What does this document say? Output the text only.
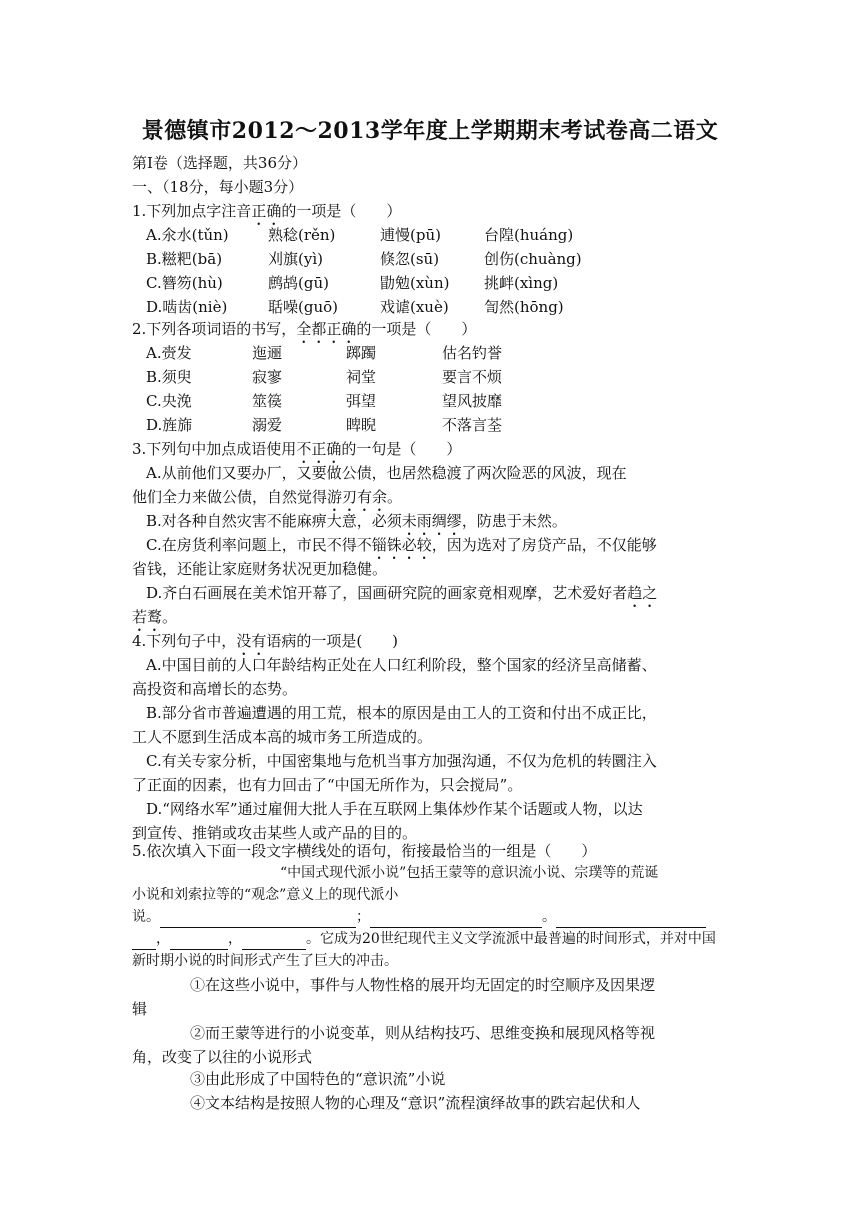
景德镇市2012～2013学年度上学期期末考试卷高二语文
第Ⅰ卷（选择题，共36分）
一、（18分，每小题3分）
1.下列加点字注音正确的一项是（　　）
A.氽水(tǔn)	熟稔(rěn)	逋慢(pū)	台隍(huáng)
B.糍粑(bā)	刈旗(yì)	倏忽(sū)	创伤(chuàng)
C.簪笏(hù)	鹧鸪(gū)	勖勉(xùn) 挑衅(xìng)
D.啮齿(niè)	聒噪(guō)	戏谑(xuè) 訇然(hōng)
2.下列各项词语的书写，全都正确的一项是（　　）
A.赍发	迤逦	踯躅	估名钓誉
B.须臾	寂寥	祠堂	要言不烦
C.央浼	筮篌	弭望	望风披靡
D.旌旆	溺爱	睥睨	不落言荃
3.下列句中加点成语使用不正确的一句是（　　）
A.从前他们又要办厂，又要做公债，也居然稳渡了两次险恶的风波，现在
他们全力来做公债，自然觉得游刃有余。
B.对各种自然灾害不能麻痹大意，必须未雨绸缪，防患于未然。
C.在房货利率问题上，市民不得不锱铢必较，因为选对了房贷产品，不仅能够
省钱，还能让家庭财务状况更加稳健。
D.齐白石画展在美术馆开幕了，国画研究院的画家竟相观摩，艺术爱好者趋之
若鹜。
4.下列句子中，没有语病的一项是(　　)
A.中国目前的人口年龄结构正处在人口红利阶段，整个国家的经济呈高储蓄、
高投资和高增长的态势。
B.部分省市普遍遭遇的用工荒，根本的原因是由工人的工资和付出不成正比，
工人不愿到生活成本高的城市务工所造成的。
C.有关专家分析，中国密集地与危机当事方加强沟通，不仅为危机的转圜注入
了正面的因素，也有力回击了“中国无所作为，只会搅局”。
D.“网络水军”通过雇佣大批人手在互联网上集体炒作某个话题或人物，以达
到宣传、推销或攻击某些人或产品的目的。
5.依次填入下面一段文字横线处的语句，衔接最恰当的一组是（　　）
“中国式现代派小说”包括王蒙等的意识流小说、宗璞等的荒诞
小说和刘索拉等的“观念”意义上的现代派小
说。	；	。
，	，	。它成为20世纪现代主义文学流派中最普遍的时间形式，并对中国
新时期小说的时间形式产生了巨大的冲击。
①在这些小说中，事件与人物性格的展开均无固定的时空顺序及因果逻
辑
②而王蒙等进行的小说变革，则从结构技巧、思维变换和展现风格等视
角，改变了以往的小说形式
③由此形成了中国特色的“意识流”小说
④文本结构是按照人物的心理及“意识”流程演绎故事的跌宕起伏和人
